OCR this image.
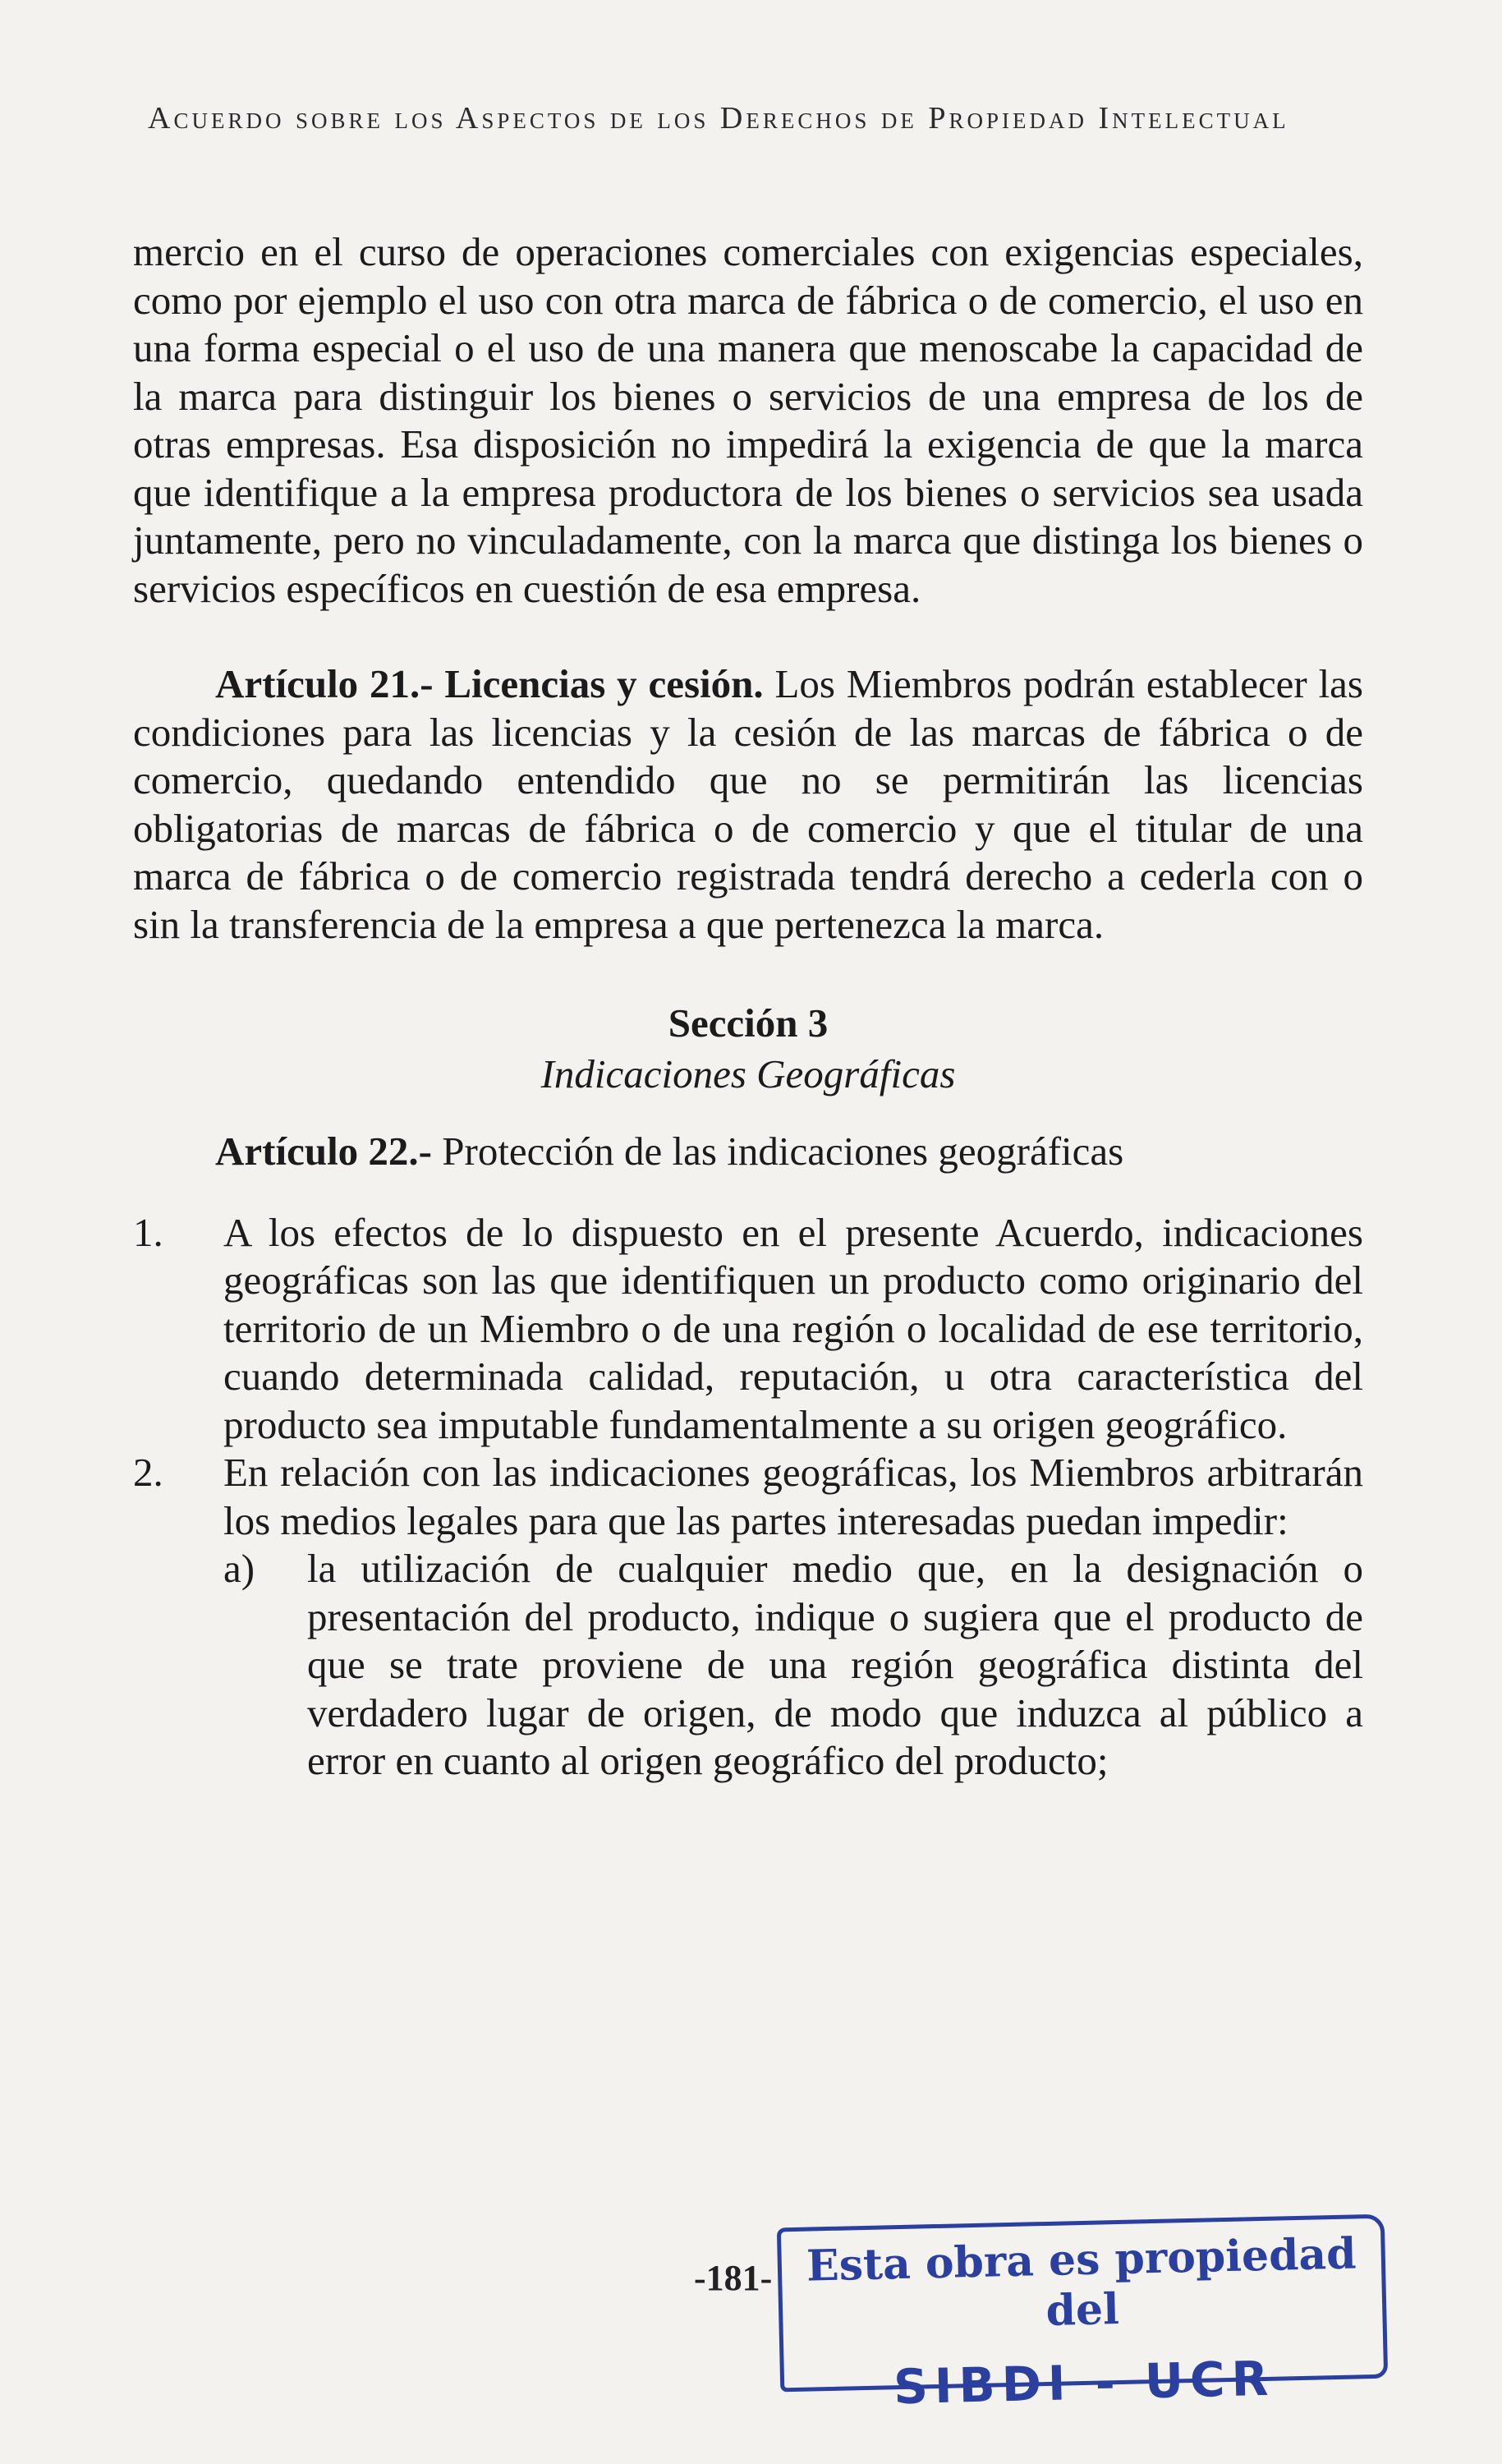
Acuerdo sobre los Aspectos de los Derechos de Propiedad Intelectual

mercio en el curso de operaciones comerciales con exigencias especiales, como por ejemplo el uso con otra marca de fábrica o de comercio, el uso en una forma especial o el uso de una manera que menoscabe la capacidad de la marca para distinguir los bienes o servicios de una empresa de los de otras empresas. Esa disposición no impedirá la exigencia de que la marca que identifique a la empresa productora de los bienes o servicios sea usada juntamente, pero no vinculadamente, con la marca que distinga los bienes o servicios específicos en cuestión de esa empresa.

Artículo 21.- Licencias y cesión. Los Miembros podrán establecer las condiciones para las licencias y la cesión de las marcas de fábrica o de comercio, quedando entendido que no se permitirán las licencias obligatorias de marcas de fábrica o de comercio y que el titular de una marca de fábrica o de comercio registrada tendrá derecho a cederla con o sin la transferencia de la empresa a que pertenezca la marca.

Sección 3
Indicaciones Geográficas

Artículo 22.- Protección de las indicaciones geográficas

1.	A los efectos de lo dispuesto en el presente Acuerdo, indicaciones geográficas son las que identifiquen un producto como originario del territorio de un Miembro o de una región o localidad de ese territorio, cuando determinada calidad, reputación, u otra característica del producto sea imputable fundamentalmente a su origen geográfico.
2.	En relación con las indicaciones geográficas, los Miembros arbitrarán los medios legales para que las partes interesadas puedan impedir:
a)	la utilización de cualquier medio que, en la designación o presentación del producto, indique o sugiera que el producto de que se trate proviene de una región geográfica distinta del verdadero lugar de origen, de modo que induzca al público a error en cuanto al origen geográfico del producto;
-181- Esta obra es propiedad del
SIBDI - UCR
